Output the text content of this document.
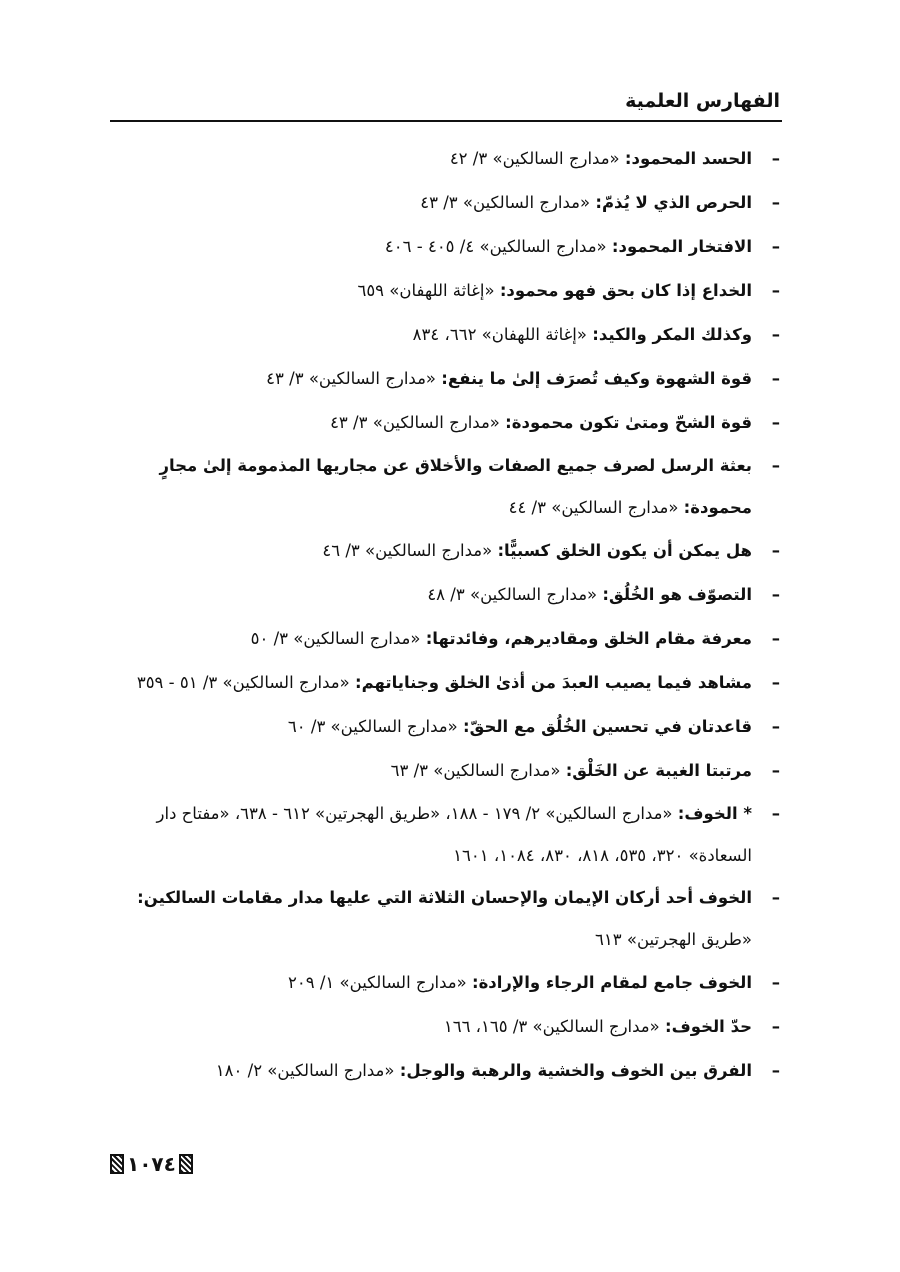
الفهارس العلمية
–
الحسد المحمود: «مدارج السالكين» ٣/ ٤٢
–
الحرص الذي لا يُذمّ: «مدارج السالكين» ٣/ ٤٣
–
الافتخار المحمود: «مدارج السالكين» ٤/ ٤٠٥ - ٤٠٦
–
الخداع إذا كان بحق فهو محمود: «إغاثة اللهفان» ٦٥٩
–
وكذلك المكر والكيد: «إغاثة اللهفان» ٦٦٢، ٨٣٤
–
قوة الشهوة وكيف تُصرَف إلىٰ ما ينفع: «مدارج السالكين» ٣/ ٤٣
–
قوة الشحّ ومتىٰ تكون محمودة: «مدارج السالكين» ٣/ ٤٣
–
بعثة الرسل لصرف جميع الصفات والأخلاق عن مجاريها المذمومة إلىٰ مجارٍ محمودة: «مدارج السالكين» ٣/ ٤٤
–
هل يمكن أن يكون الخلق كسبيًّا: «مدارج السالكين» ٣/ ٤٦
–
التصوّف هو الخُلُق: «مدارج السالكين» ٣/ ٤٨
–
معرفة مقام الخلق ومقاديرهم، وفائدتها: «مدارج السالكين» ٣/ ٥٠
–
مشاهد فيما يصيب العبدَ من أذىٰ الخلق وجناياتهم: «مدارج السالكين» ٣/ ٥١ - ٣٥٩
–
قاعدتان في تحسين الخُلُق مع الحقّ: «مدارج السالكين» ٣/ ٦٠
–
مرتبتا الغيبة عن الخَلْق: «مدارج السالكين» ٣/ ٦٣
–
* الخوف: «مدارج السالكين» ٢/ ١٧٩ - ١٨٨، «طريق الهجرتين» ٦١٢ - ٦٣٨، «مفتاح دار السعادة» ٣٢٠، ٥٣٥، ٨١٨، ٨٣٠، ١٠٨٤، ١٦٠١
–
الخوف أحد أركان الإيمان والإحسان الثلاثة التي عليها مدار مقامات السالكين: «طريق الهجرتين» ٦١٣
–
الخوف جامع لمقام الرجاء والإرادة: «مدارج السالكين» ١/ ٢٠٩
–
حدّ الخوف: «مدارج السالكين» ٣/ ١٦٥، ١٦٦
–
الفرق بين الخوف والخشية والرهبة والوجل: «مدارج السالكين» ٢/ ١٨٠
١٠٧٤
